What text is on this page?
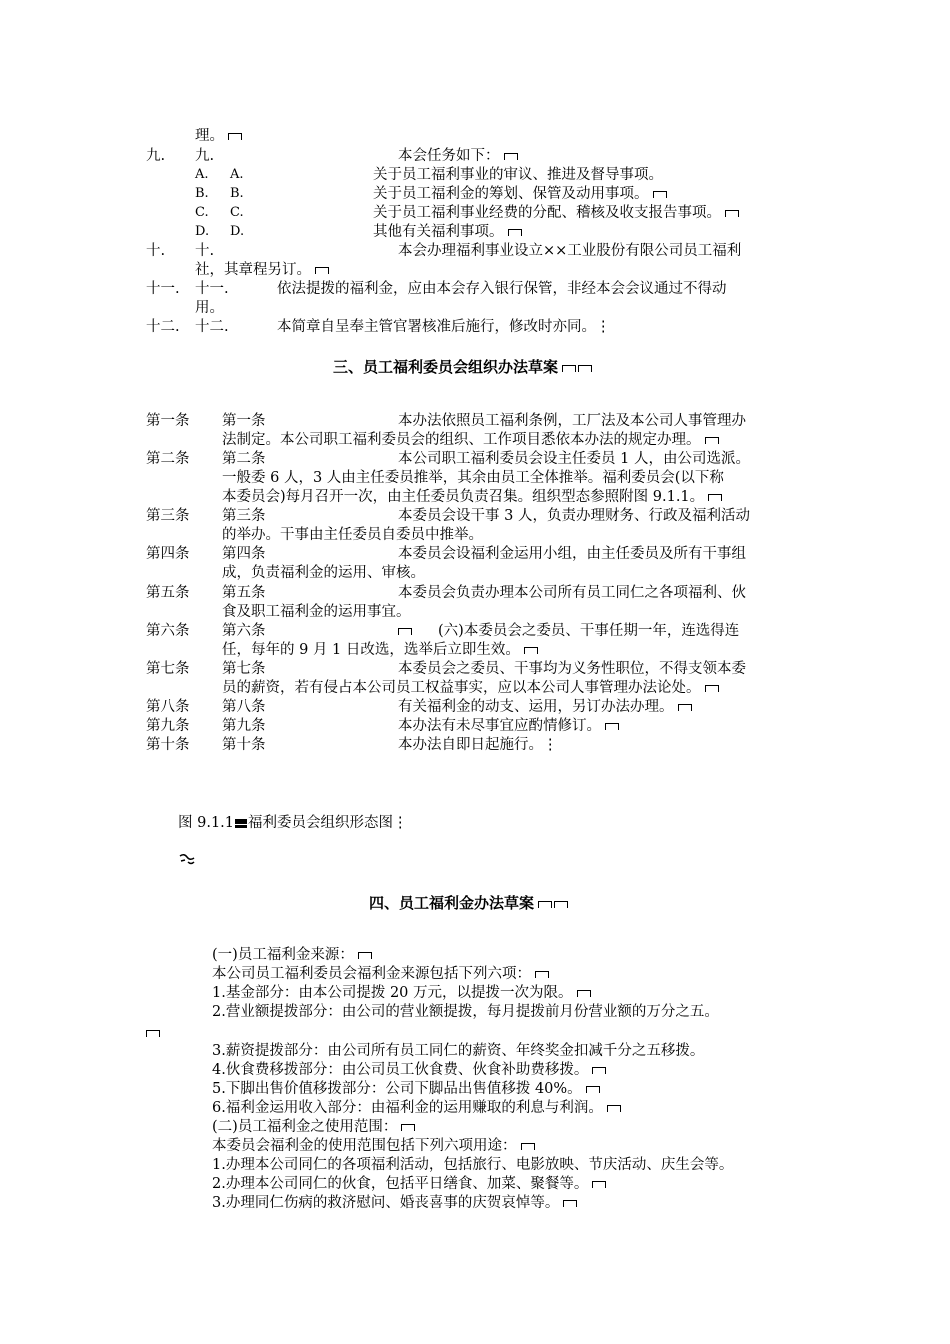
理。
九. 九.	本会任务如下：
A. A.	关于员工福利事业的审议、推进及督导事项。
B. B.	关于员工福利金的筹划、保管及动用事项。
C. C.	关于员工福利事业经费的分配、稽核及收支报告事项。
D. D.	其他有关福利事项。
十. 十.	本会办理福利事业设立××工业股份有限公司员工福利
社，其章程另订。
十一. 十一.	依法提拨的福利金，应由本会存入银行保管，非经本会会议通过不得动
用。
十二. 十二.	本简章自呈奉主管官署核准后施行，修改时亦同。⋮
三、员工福利委员会组织办法草案
第一条 第一条	本办法依照员工福利条例，工厂法及本公司人事管理办
法制定。本公司职工福利委员会的组织、工作项目悉依本办法的规定办理。
第二条 第二条	本公司职工福利委员会设主任委员 1 人，由公司选派。
一般委 6 人，3 人由主任委员推举，其余由员工全体推举。福利委员会(以下称
本委员会)每月召开一次，由主任委员负责召集。组织型态参照附图 9.1.1。
第三条 第三条	本委员会设干事 3 人，负责办理财务、行政及福利活动
的举办。干事由主任委员自委员中推举。
第四条 第四条	本委员会设福利金运用小组，由主任委员及所有干事组
成，负责福利金的运用、审核。
第五条 第五条	本委员会负责办理本公司所有员工同仁之各项福利、伙
食及职工福利金的运用事宜。
第六条 第六条	(六)本委员会之委员、干事任期一年，连选得连
任，每年的 9 月 1 日改选，选举后立即生效。
第七条 第七条	本委员会之委员、干事均为义务性职位，不得支领本委
员的薪资，若有侵占本公司员工权益事实，应以本公司人事管理办法论处。
第八条 第八条	有关福利金的动支、运用，另订办法办理。
第九条 第九条	本办法有未尽事宜应酌情修订。
第十条 第十条	本办法自即日起施行。⋮
图 9.1.1 福利委员会组织形态图⋮
四、员工福利金办法草案
(一)员工福利金来源：
本公司员工福利委员会福利金来源包括下列六项：
1.基金部分：由本公司提拨 20 万元，以提拨一次为限。
2.营业额提拨部分：由公司的营业额提拨，每月提拨前月份营业额的万分之五。
3.薪资提拨部分：由公司所有员工同仁的薪资、年终奖金扣减千分之五移拨。
4.伙食费移拨部分：由公司员工伙食费、伙食补助费移拨。
5.下脚出售价值移拨部分：公司下脚品出售值移拨 40%。
6.福利金运用收入部分：由福利金的运用赚取的利息与利润。
(二)员工福利金之使用范围：
本委员会福利金的使用范围包括下列六项用途：
1.办理本公司同仁的各项福利活动，包括旅行、电影放映、节庆活动、庆生会等。
2.办理本公司同仁的伙食，包括平日缮食、加菜、聚餐等。
3.办理同仁伤病的救济慰问、婚丧喜事的庆贺哀悼等。
